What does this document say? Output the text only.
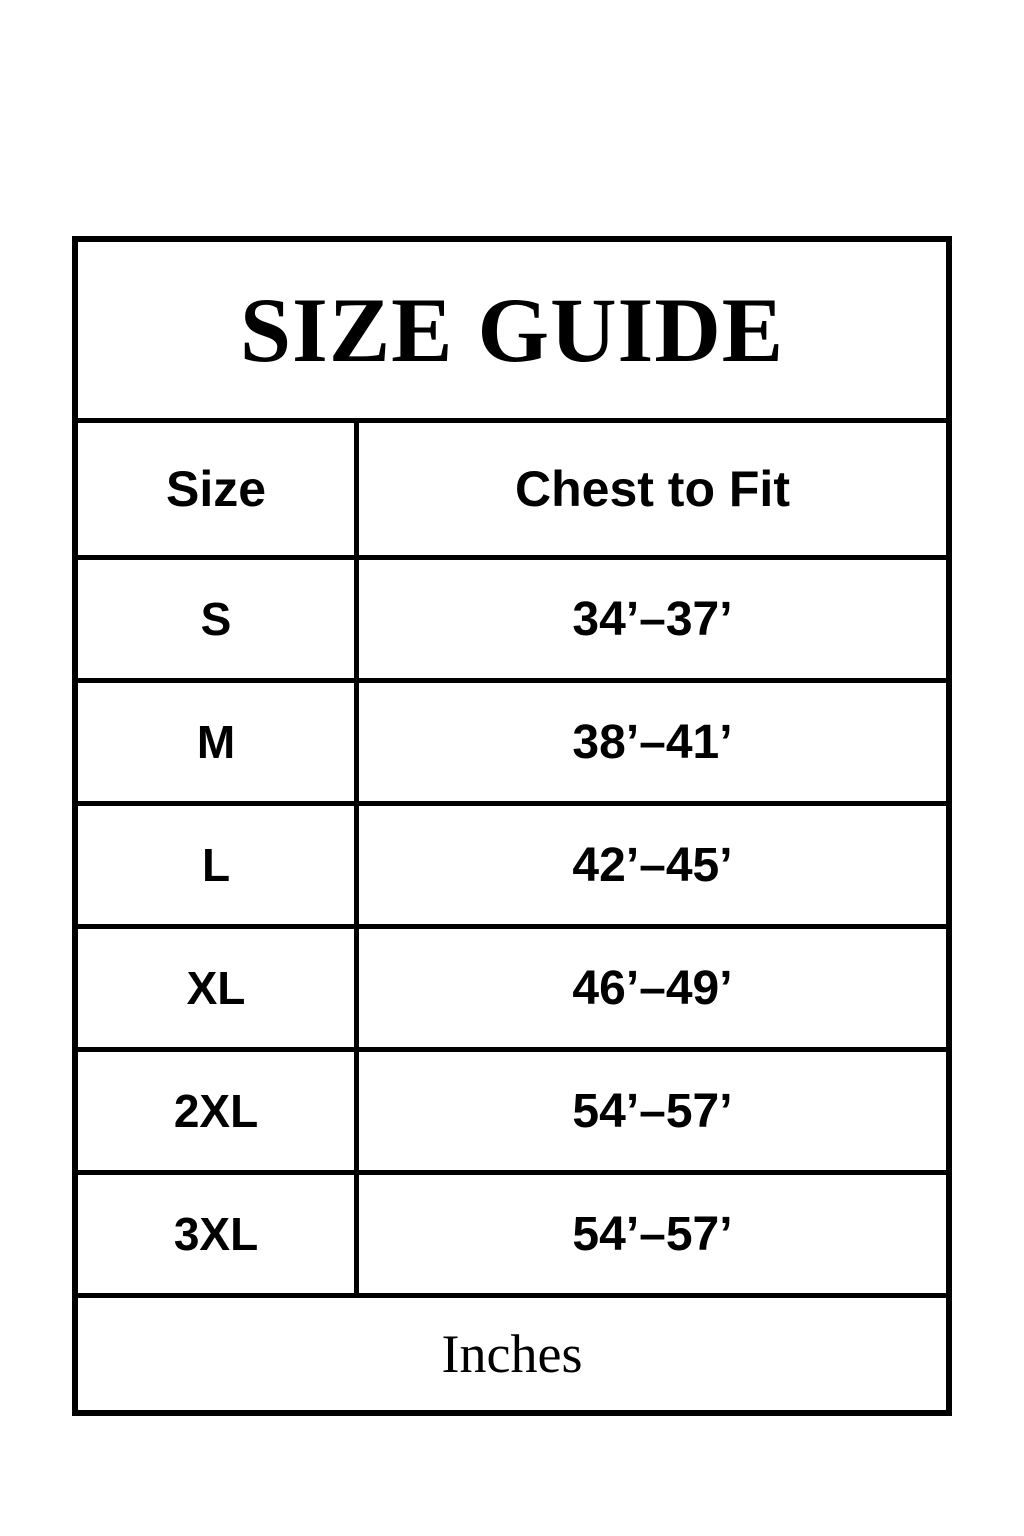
SIZE GUIDE	

Size	Chest to Fit
S	34’–37’
M	38’–41’
L	42’–45’
XL	46’–49’
2XL	54’–57’
3XL	54’–57’

Inches	
